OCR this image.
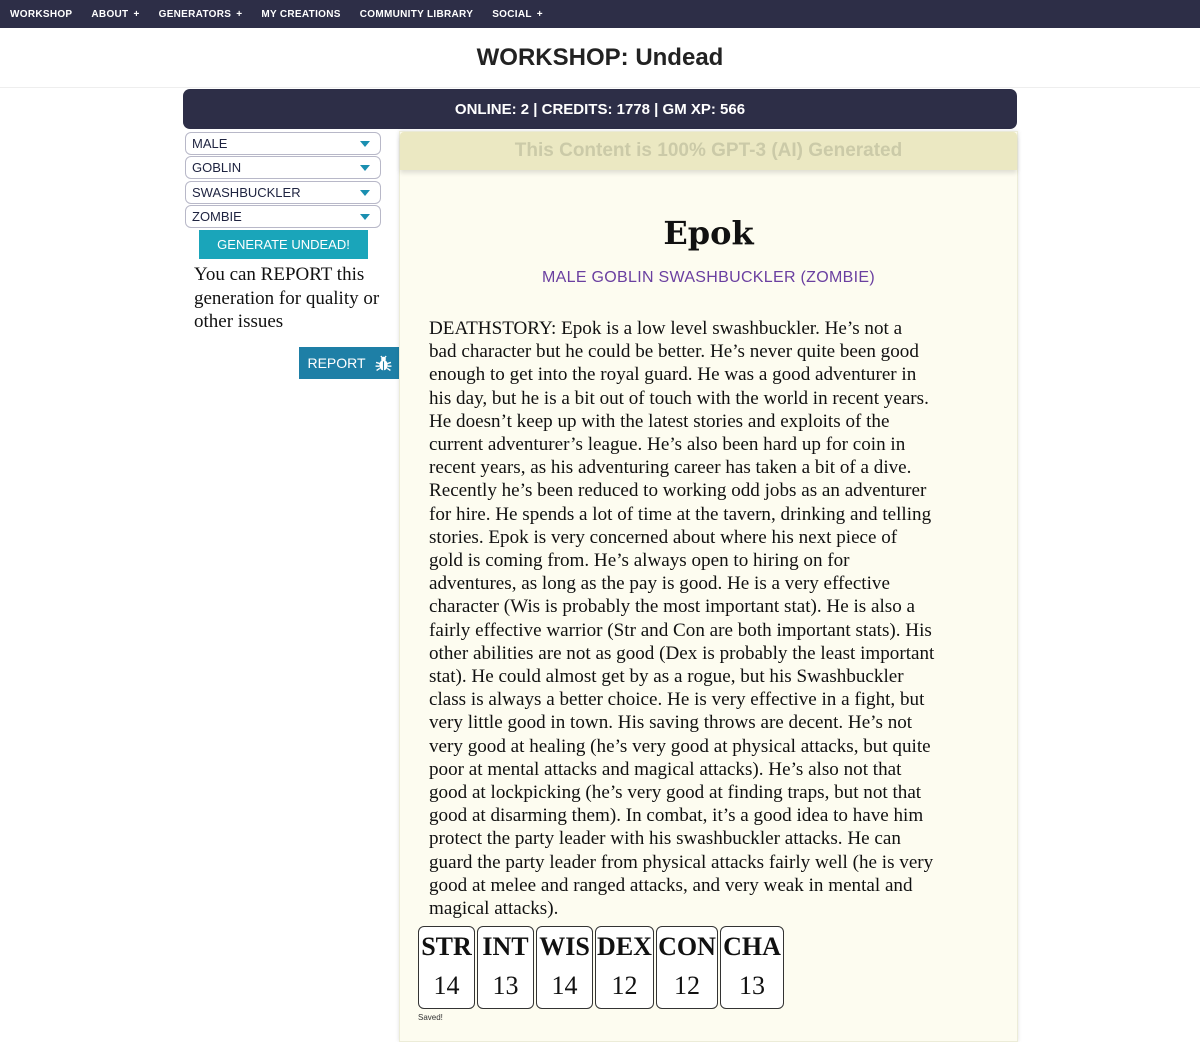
WORKSHOP ABOUT + GENERATORS + MY CREATIONS COMMUNITY LIBRARY SOCIAL +
WORKSHOP: Undead
ONLINE: 2 | CREDITS: 1778 | GM XP: 566
MALE
GOBLIN
SWASHBUCKLER
ZOMBIE
GENERATE UNDEAD!
You can REPORT this generation for quality or other issues
REPORT
This Content is 100% GPT-3 (AI) Generated
Epok
MALE GOBLIN SWASHBUCKLER (ZOMBIE)
DEATHSTORY: Epok is a low level swashbuckler. He’s not a
bad character but he could be better. He’s never quite been good
enough to get into the royal guard. He was a good adventurer in
his day, but he is a bit out of touch with the world in recent years.
He doesn’t keep up with the latest stories and exploits of the
current adventurer’s league. He’s also been hard up for coin in
recent years, as his adventuring career has taken a bit of a dive.
Recently he’s been reduced to working odd jobs as an adventurer
for hire. He spends a lot of time at the tavern, drinking and telling
stories. Epok is very concerned about where his next piece of
gold is coming from. He’s always open to hiring on for
adventures, as long as the pay is good. He is a very effective
character (Wis is probably the most important stat). He is also a
fairly effective warrior (Str and Con are both important stats). His
other abilities are not as good (Dex is probably the least important
stat). He could almost get by as a rogue, but his Swashbuckler
class is always a better choice. He is very effective in a fight, but
very little good in town. His saving throws are decent. He’s not
very good at healing (he’s very good at physical attacks, but quite
poor at mental attacks and magical attacks). He’s also not that
good at lockpicking (he’s very good at finding traps, but not that
good at disarming them). In combat, it’s a good idea to have him
protect the party leader with his swashbuckler attacks. He can
guard the party leader from physical attacks fairly well (he is very
good at melee and ranged attacks, and very weak in mental and
magical attacks).
STR
14
INT
13
WIS
14
DEX
12
CON
12
CHA
13
Saved!
